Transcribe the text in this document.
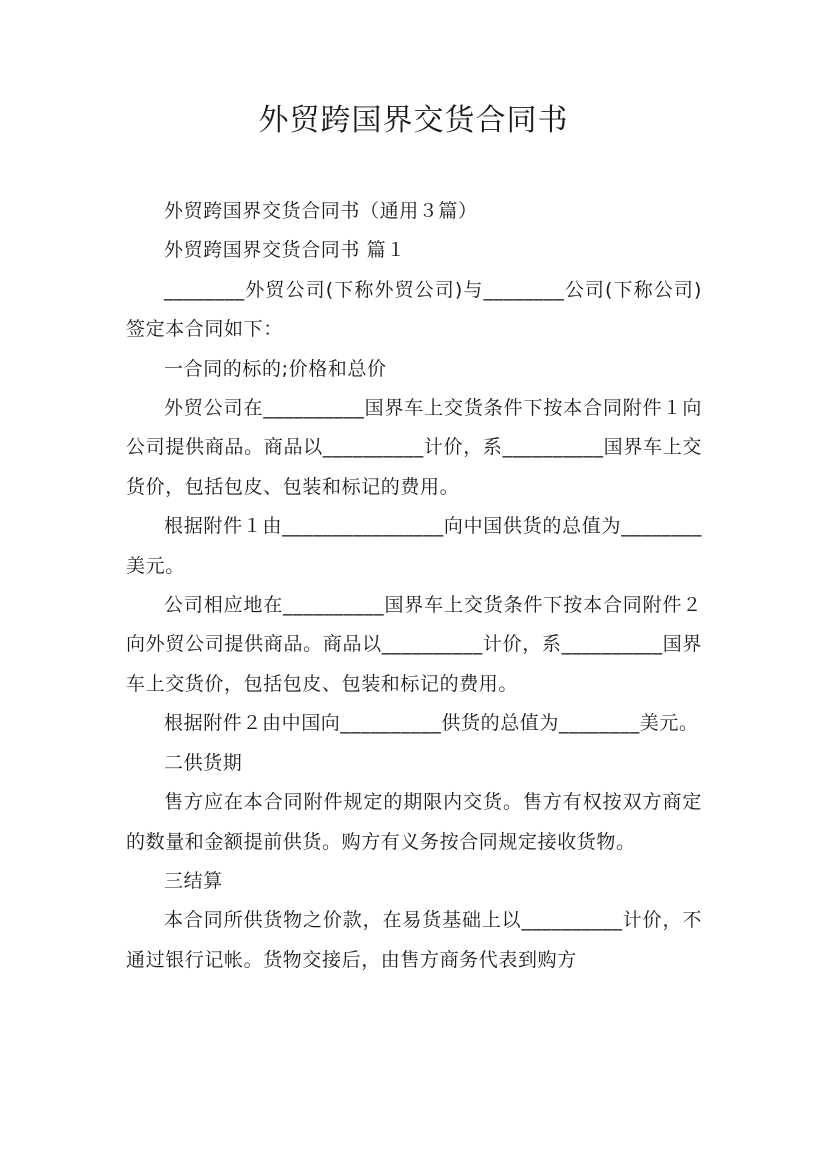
外贸跨国界交货合同书

外贸跨国界交货合同书（通用３篇）

外贸跨国界交货合同书 篇１

________外贸公司(下称外贸公司)与________公司(下称公司)签定本合同如下：

一合同的标的;价格和总价

外贸公司在__________国界车上交货条件下按本合同附件１向公司提供商品。商品以__________计价，系__________国界车上交货价，包括包皮、包装和标记的费用。

根据附件１由________________向中国供货的总值为________美元。

公司相应地在__________国界车上交货条件下按本合同附件２向外贸公司提供商品。商品以__________计价，系__________国界车上交货价，包括包皮、包装和标记的费用。

根据附件２由中国向__________供货的总值为________美元。

二供货期

售方应在本合同附件规定的期限内交货。售方有权按双方商定的数量和金额提前供货。购方有义务按合同规定接收货物。

三结算

本合同所供货物之价款，在易货基础上以__________计价，不通过银行记帐。货物交接后，由售方商务代表到购方
